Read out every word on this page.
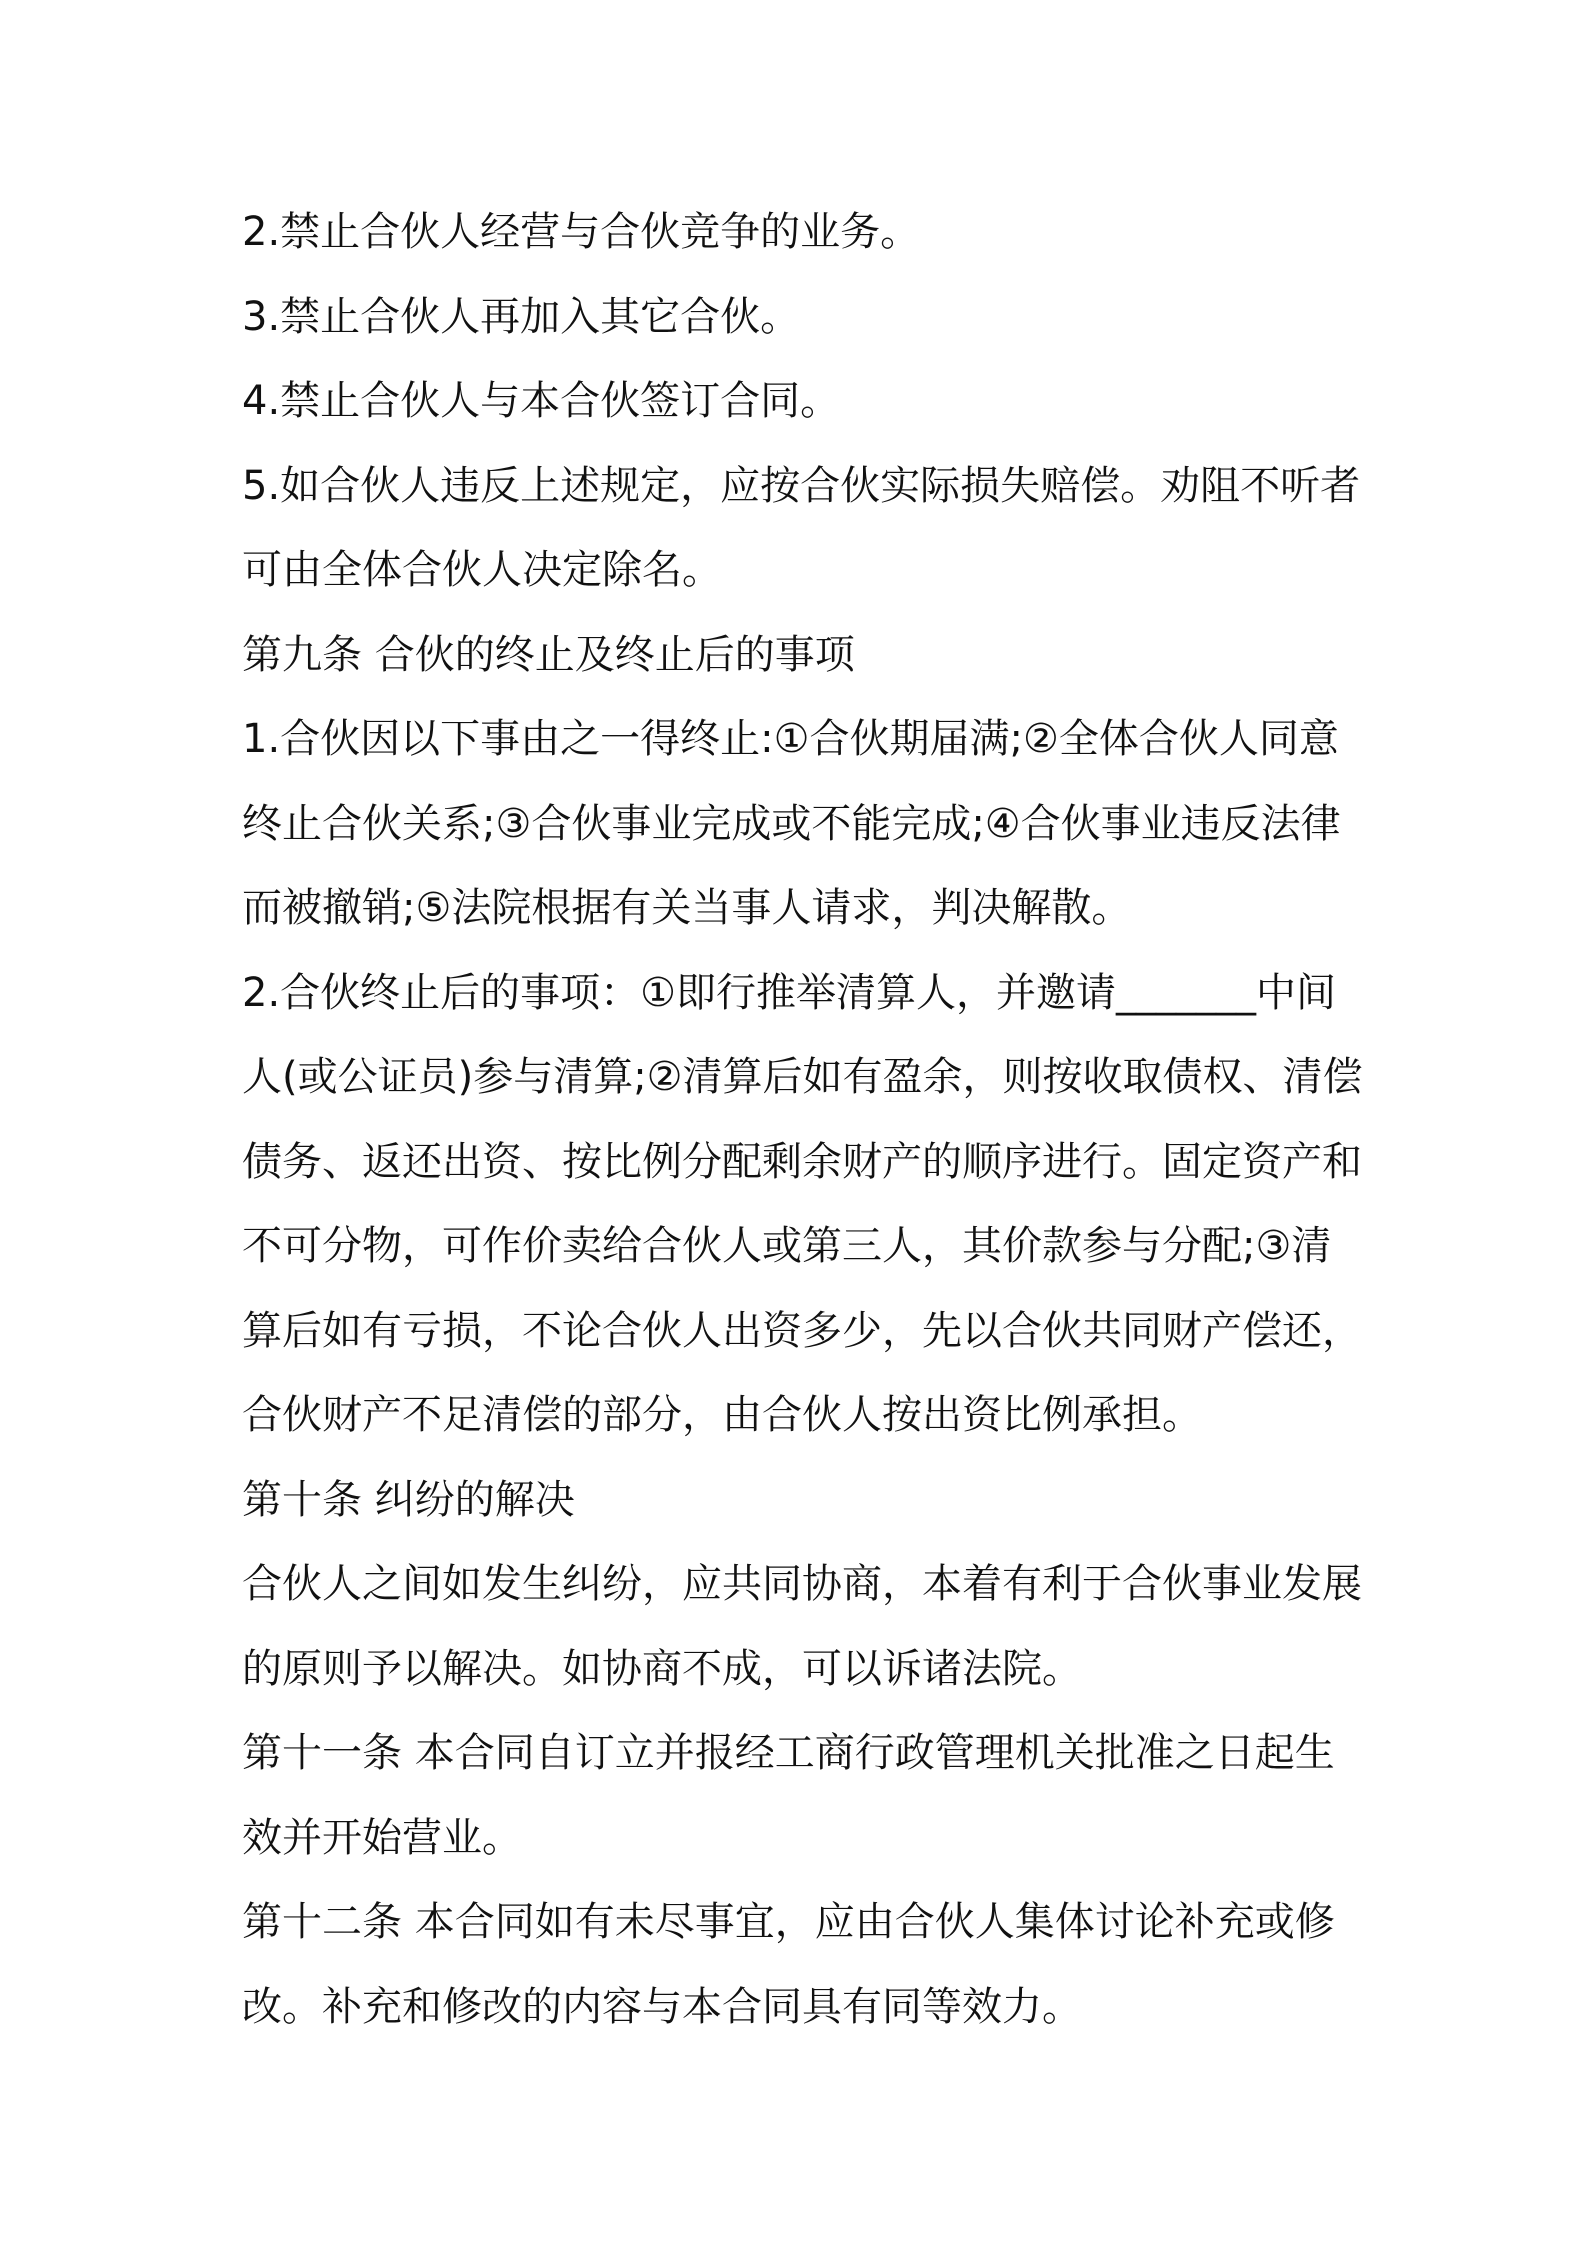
2.禁止合伙人经营与合伙竞争的业务。

3.禁止合伙人再加入其它合伙。

4.禁止合伙人与本合伙签订合同。

5.如合伙人违反上述规定，应按合伙实际损失赔偿。劝阻不听者

可由全体合伙人决定除名。

第九条 合伙的终止及终止后的事项

1.合伙因以下事由之一得终止:①合伙期届满;②全体合伙人同意

终止合伙关系;③合伙事业完成或不能完成;④合伙事业违反法律

而被撤销;⑤法院根据有关当事人请求，判决解散。

2.合伙终止后的事项：①即行推举清算人，并邀请_______中间

人(或公证员)参与清算;②清算后如有盈余，则按收取债权、清偿

债务、返还出资、按比例分配剩余财产的顺序进行。固定资产和

不可分物，可作价卖给合伙人或第三人，其价款参与分配;③清

算后如有亏损，不论合伙人出资多少，先以合伙共同财产偿还，

合伙财产不足清偿的部分，由合伙人按出资比例承担。

第十条 纠纷的解决

合伙人之间如发生纠纷，应共同协商，本着有利于合伙事业发展

的原则予以解决。如协商不成，可以诉诸法院。

第十一条 本合同自订立并报经工商行政管理机关批准之日起生

效并开始营业。

第十二条 本合同如有未尽事宜，应由合伙人集体讨论补充或修

改。补充和修改的内容与本合同具有同等效力。
